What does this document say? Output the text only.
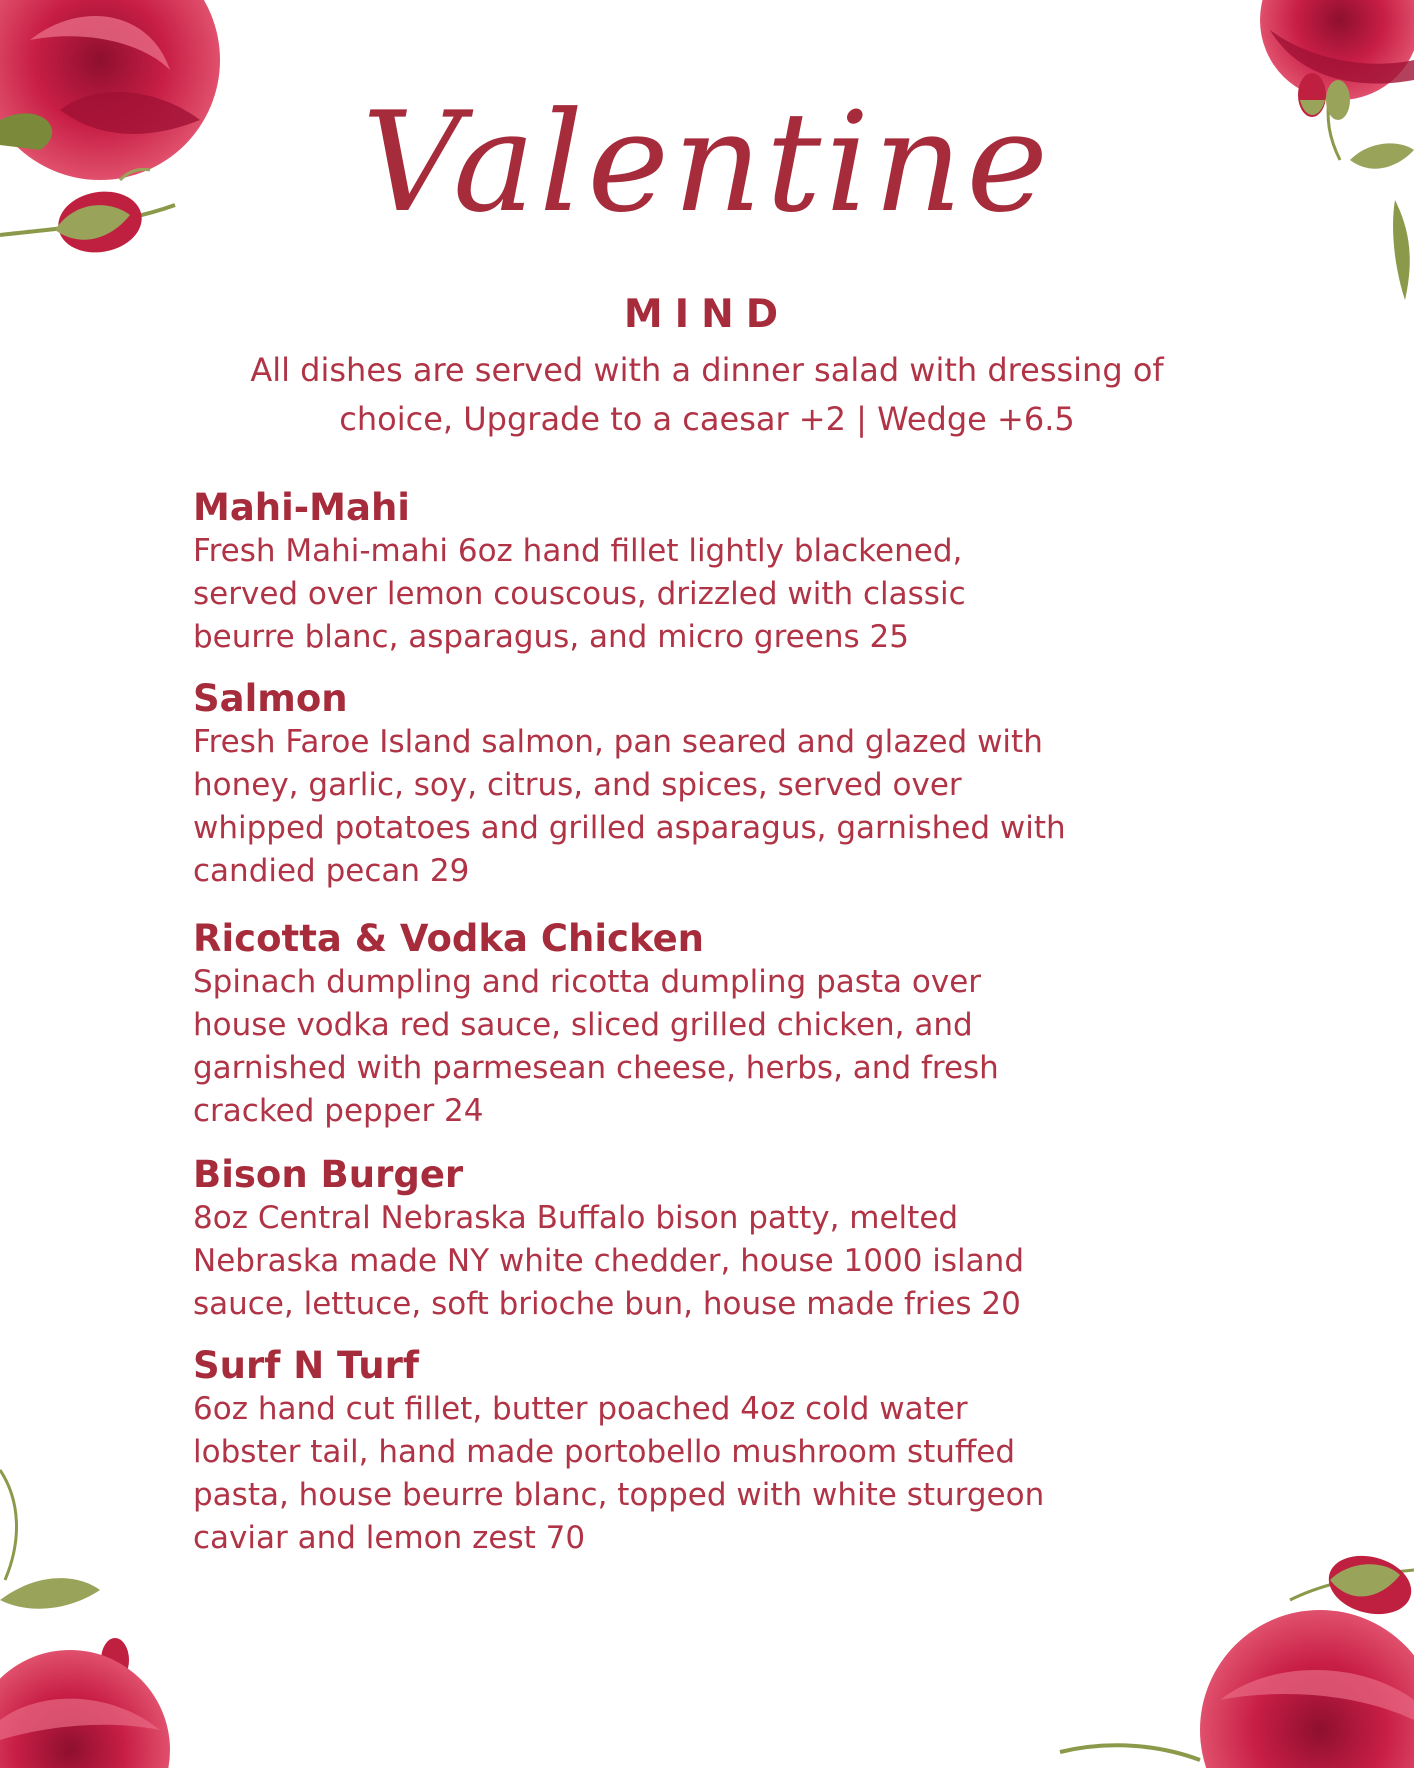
Valentine
MIND
All dishes are served with a dinner salad with dressing of choice, Upgrade to a caesar +2 | Wedge +6.5

Mahi-Mahi

Fresh Mahi-mahi 6oz hand fillet lightly blackened,
served over lemon couscous, drizzled with classic
beurre blanc, asparagus, and micro greens 25

Salmon

Fresh Faroe Island salmon, pan seared and glazed with
honey, garlic, soy, citrus, and spices, served over
whipped potatoes and grilled asparagus, garnished with
candied pecan 29

Ricotta & Vodka Chicken

Spinach dumpling and ricotta dumpling pasta over
house vodka red sauce, sliced grilled chicken, and
garnished with parmesean cheese, herbs, and fresh
cracked pepper 24

Bison Burger

8oz Central Nebraska Buffalo bison patty, melted
Nebraska made NY white chedder, house 1000 island
sauce, lettuce, soft brioche bun, house made fries 20

Surf N Turf

6oz hand cut fillet, butter poached 4oz cold water
lobster tail, hand made portobello mushroom stuffed
pasta, house beurre blanc, topped with white sturgeon
caviar and lemon zest 70
